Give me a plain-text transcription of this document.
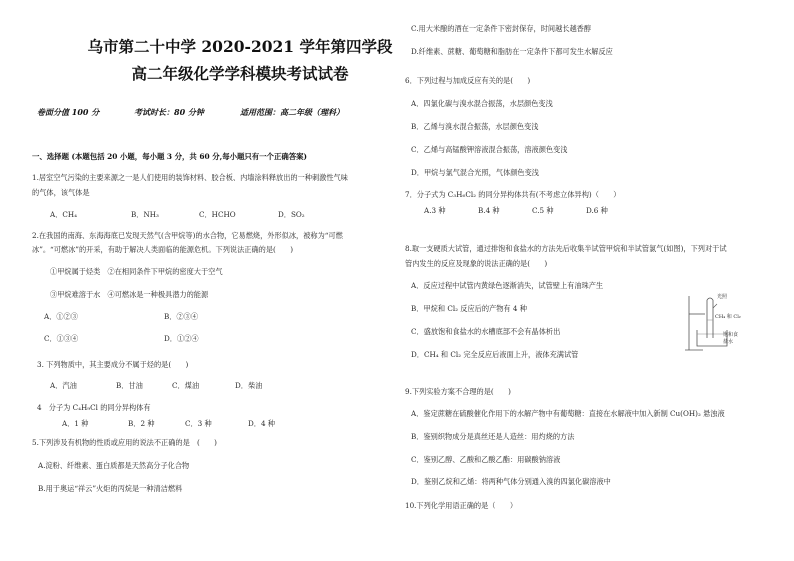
乌市第二十中学 2020-2021 学年第四学段
高二年级化学学科模块考试试卷
卷面分值 100 分	考试时长：80 分钟	适用范围：高二年级（理科）
一、选择题 (本题包括 20 小题，每小题 3 分，共 60 分,每小题只有一个正确答案)
1.居室空气污染的主要来源之一是人们使用的装饰材料、胶合板、内墙涂料释放出的一种刺激性气味
的气体，该气体是
A．CH₄	B．NH₃	C．HCHO	D．SO₂
2.在我国的南海、东海海底已发现天然气(含甲烷等)的水合物，它易燃烧，外形似冰，被称为“可燃
冰”。“可燃冰”的开采，有助于解决人类面临的能源危机。下列说法正确的是(　　)
①甲烷属于烃类　②在相同条件下甲烷的密度大于空气
③甲烷难溶于水　④可燃冰是一种极具潜力的能源
A．①②③	B．②③④
C．①③④	D．①②④
3. 下列物质中，其主要成分不属于烃的是(　　)
A．汽油	B．甘油	C．煤油	D．柴油
4　分子为 C₄H₉Cl 的同分异构体有
A．1 种	B．2 种	C．3 种	D．4 种
5.下列涉及有机物的性质或应用的说法不正确的是　(　　)
A.淀粉、纤维素、蛋白质都是天然高分子化合物
B.用于奥运“祥云”火炬的丙烷是一种清洁燃料
C.用大米酿的酒在一定条件下密封保存，时间越长越香醇
D.纤维素、蔗糖、葡萄糖和脂肪在一定条件下都可发生水解反应
6．下列过程与加成反应有关的是(　　)
A．四氯化碳与溴水混合振荡，水层颜色变浅
B．乙烯与溴水混合振荡，水层颜色变浅
C．乙烯与高锰酸钾溶液混合振荡，溶液颜色变浅
D．甲烷与氯气混合光照，气体颜色变浅
7．分子式为 C₃H₆Cl₂ 的同分异构体共有(不考虑立体异构)（　　）
A.3 种	B.4 种	C.5 种	D.6 种
8.取一支硬质大试管，通过排饱和食盐水的方法先后收集半试管甲烷和半试管氯气(如图)，下列对于试
管内发生的反应及现象的说法正确的是(　　)
A．反应过程中试管内黄绿色逐渐消失，试管壁上有油珠产生
B．甲烷和 Cl₂ 反应后的产物有 4 种
C．盛放饱和食盐水的水槽底部不会有晶体析出
D．CH₄ 和 Cl₂ 完全反应后液面上升，液体充满试管
光照
CH₄ 和 Cl₂
饱和食
盐水
9.下列实验方案不合理的是(　　)
A．鉴定蔗糖在硫酸催化作用下的水解产物中有葡萄糖：直接在水解液中加入新制 Cu(OH)₂ 悬浊液
B．鉴别织物成分是真丝还是人造丝：用灼烧的方法
C．鉴别乙醇、乙酸和乙酸乙酯：用碳酸钠溶液
D．鉴别乙烷和乙烯：将两种气体分别通入溴的四氯化碳溶液中
10.下列化学用语正确的是（　　）
